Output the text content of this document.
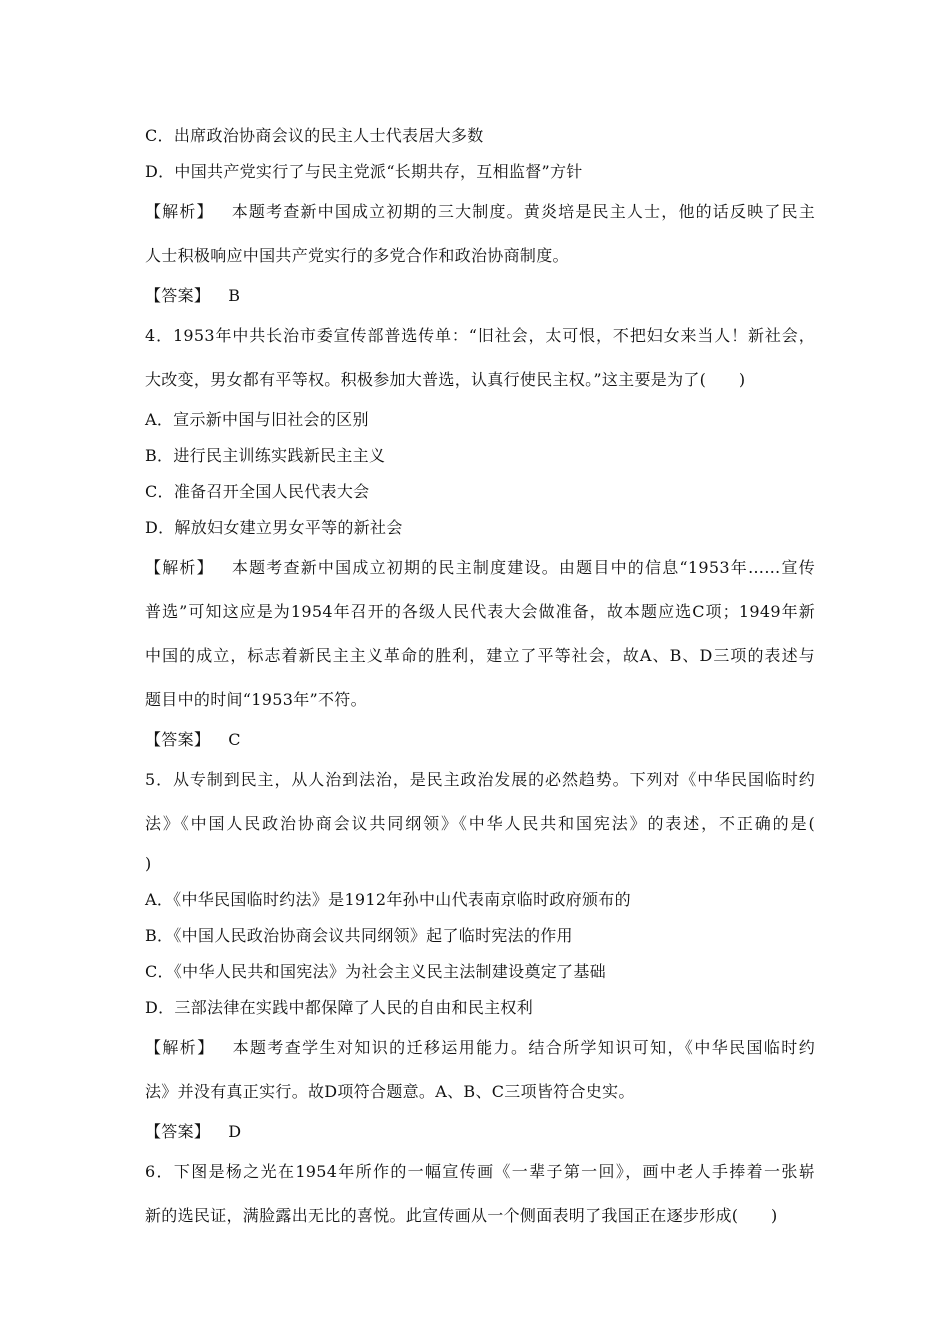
C．出席政治协商会议的民主人士代表居大多数
D．中国共产党实行了与民主党派“长期共存，互相监督”方针
【解析】 本题考查新中国成立初期的三大制度。黄炎培是民主人士，他的话反映了民主
人士积极响应中国共产党实行的多党合作和政治协商制度。
【答案】 B
4．1953年中共长治市委宣传部普选传单：“旧社会，太可恨，不把妇女来当人！新社会，
大改变，男女都有平等权。积极参加大普选，认真行使民主权。”这主要是为了(　　)
A．宣示新中国与旧社会的区别
B．进行民主训练实践新民主主义
C．准备召开全国人民代表大会
D．解放妇女建立男女平等的新社会
【解析】 本题考查新中国成立初期的民主制度建设。由题目中的信息“1953年……宣传
普选”可知这应是为1954年召开的各级人民代表大会做准备，故本题应选C项；1949年新
中国的成立，标志着新民主主义革命的胜利，建立了平等社会，故A、B、D三项的表述与
题目中的时间“1953年”不符。
【答案】 C
5．从专制到民主，从人治到法治，是民主政治发展的必然趋势。下列对《中华民国临时约
法》《中国人民政治协商会议共同纲领》《中华人民共和国宪法》的表述，不正确的是(
)
A．《中华民国临时约法》是1912年孙中山代表南京临时政府颁布的
B．《中国人民政治协商会议共同纲领》起了临时宪法的作用
C．《中华人民共和国宪法》为社会主义民主法制建设奠定了基础
D．三部法律在实践中都保障了人民的自由和民主权利
【解析】 本题考查学生对知识的迁移运用能力。结合所学知识可知，《中华民国临时约
法》并没有真正实行。故D项符合题意。A、B、C三项皆符合史实。
【答案】 D
6．下图是杨之光在1954年所作的一幅宣传画《一辈子第一回》，画中老人手捧着一张崭
新的选民证，满脸露出无比的喜悦。此宣传画从一个侧面表明了我国正在逐步形成(　　)
